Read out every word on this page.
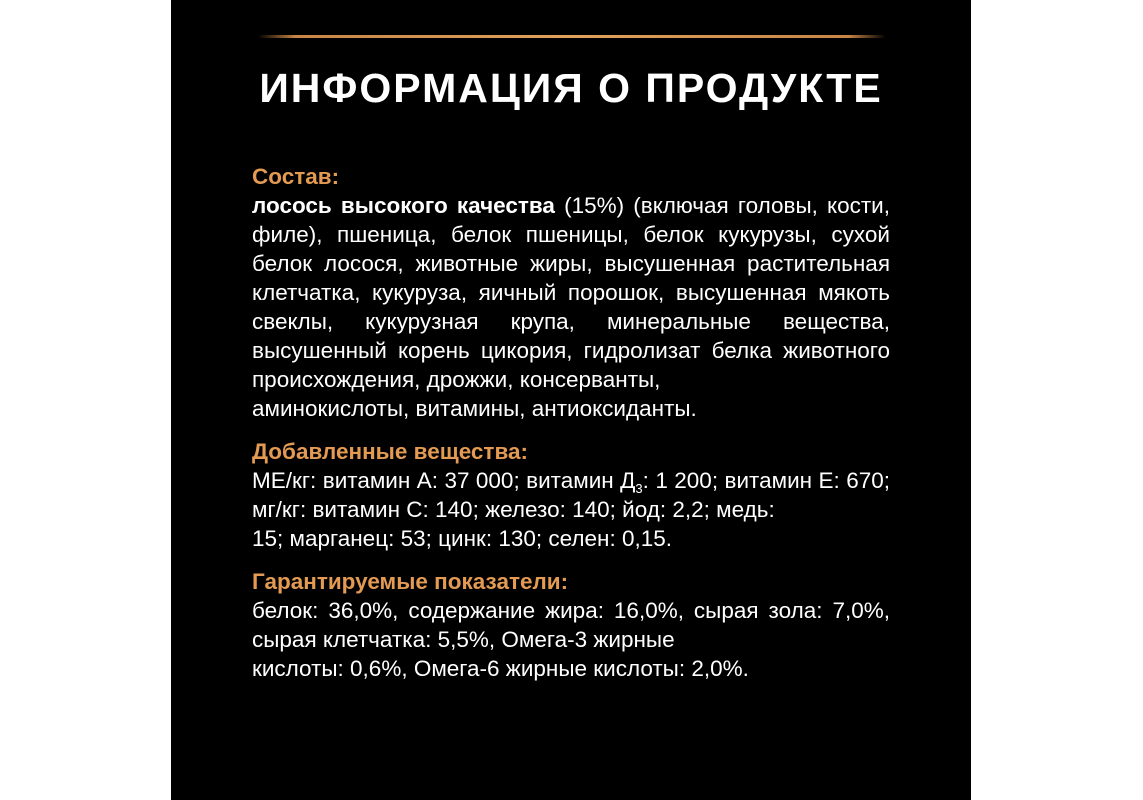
ИНФОРМАЦИЯ О ПРОДУКТЕ
Состав:
лосось высокого качества (15%) (включая головы, кости, филе), пшеница, белок пшеницы, белок кукурузы, сухой белок лосося, животные жиры, высушенная растительная клетчатка, кукуруза, яичный порошок, высушенная мякоть свеклы, кукурузная крупа, минеральные вещества, высушенный корень цикория, гидролизат белка животного происхождения, дрожжи, консерванты,
аминокислоты, витамины, антиоксиданты.
Добавленные вещества:
МЕ/кг: витамин А: 37 000; витамин $Д_3$: 1 200; витамин Е: 670; мг/кг: витамин С: 140; железо: 140; йод: 2,2; медь:
15; марганец: 53; цинк: 130; селен: 0,15.
Гарантируемые показатели:
белок: 36,0%, содержание жира: 16,0%, сырая зола: 7,0%, сырая клетчатка: 5,5%, Омега-3 жирные
кислоты: 0,6%, Омега-6 жирные кислоты: 2,0%.
